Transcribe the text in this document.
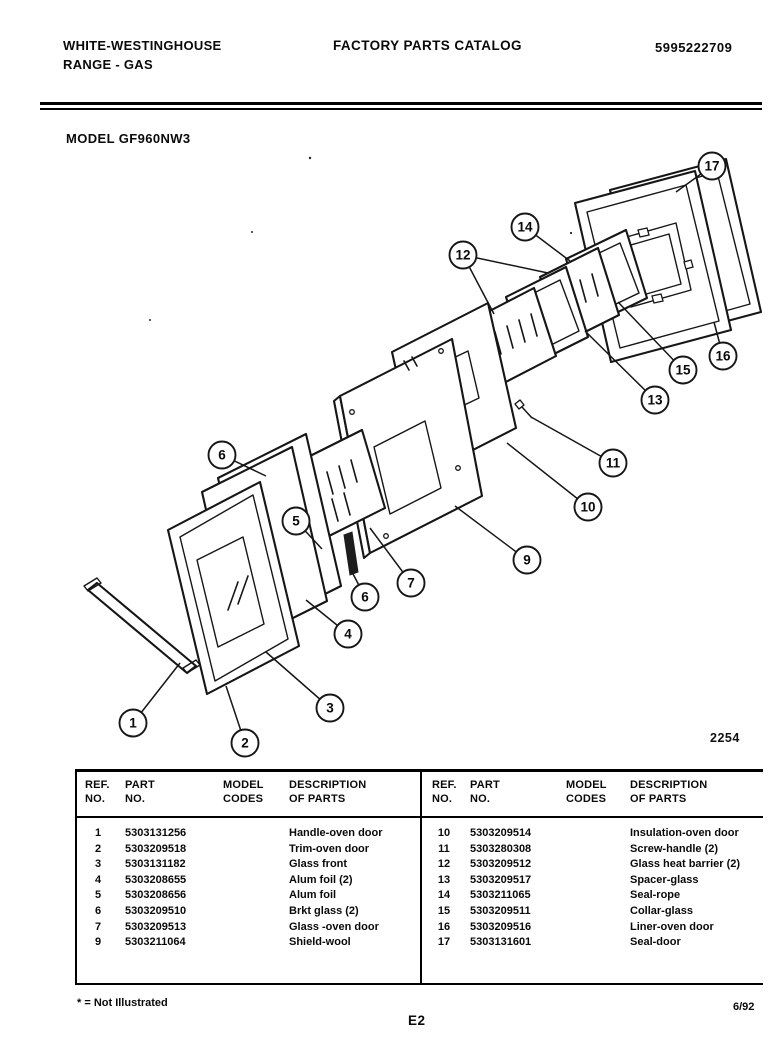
WHITE-WESTINGHOUSE
RANGE - GAS
FACTORY PARTS CATALOG	5995222709
MODEL GF960NW3
1
2
3
4
5
6
6
7
9
10
11
12
13
14
15
16
17
2254
REF.
NO.
PART
NO.
MODEL
CODES
DESCRIPTION
OF PARTS
1	5303131256	Handle-oven door
2	5303209518	Trim-oven door
3	5303131182	Glass front
4	5303208655	Alum foil (2)
5	5303208656	Alum foil
6	5303209510	Brkt glass (2)
7	5303209513	Glass -oven door
9	5303211064	Shield-wool
REF.
NO.
PART
NO.
MODEL
CODES
DESCRIPTION
OF PARTS
10	5303209514	Insulation-oven door
11	5303280308	Screw-handle (2)
12	5303209512	Glass heat barrier (2)
13	5303209517	Spacer-glass
14	5303211065	Seal-rope
15	5303209511	Collar-glass
16	5303209516	Liner-oven door
17	5303131601	Seal-door
* = Not Illustrated
E2
6/92
